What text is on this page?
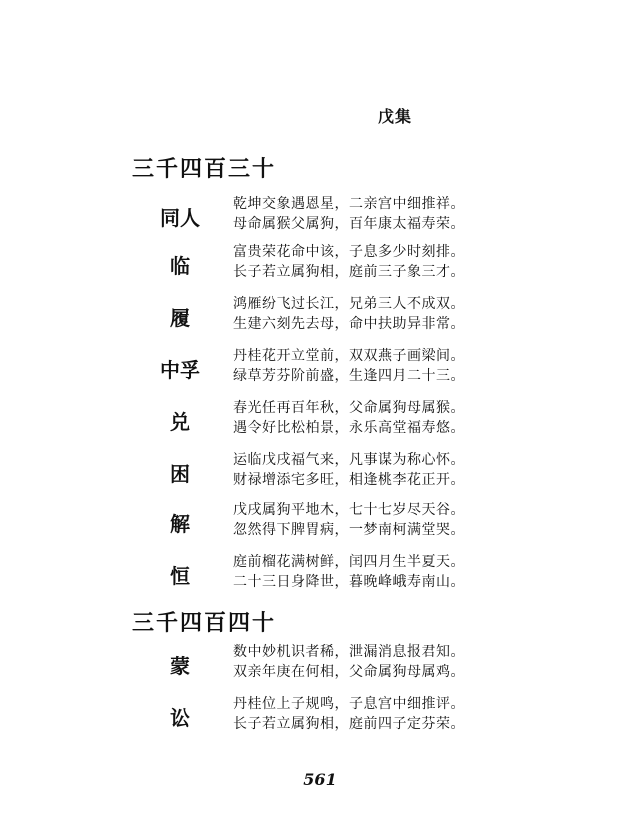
戊集
三千四百三十
同人
乾坤交象遇恩星，二亲宫中细推祥。
母命属猴父属狗，百年康太福寿荣。
临
富贵荣花命中该，子息多少时刻排。
长子若立属狗相，庭前三子象三才。
履
鸿雁纷飞过长江，兄弟三人不成双。
生建六刻先去母，命中扶助异非常。
中孚
丹桂花开立堂前，双双燕子画梁间。
绿草芳芬阶前盛，生逢四月二十三。
兑
春光任再百年秋，父命属狗母属猴。
遇令好比松柏景，永乐高堂福寿悠。
困
运临戊戌福气来，凡事谋为称心怀。
财禄增添宅多旺，相逢桃李花正开。
解
戊戌属狗平地木，七十七岁尽天谷。
忽然得下脾胃病，一梦南柯满堂哭。
恒
庭前榴花满树鲜，闰四月生半夏天。
二十三日身降世，暮晚峰峨寿南山。
三千四百四十
蒙
数中妙机识者稀，泄漏消息报君知。
双亲年庚在何相，父命属狗母属鸡。
讼
丹桂位上子规鸣，子息宫中细推评。
长子若立属狗相，庭前四子定芬荣。
561
